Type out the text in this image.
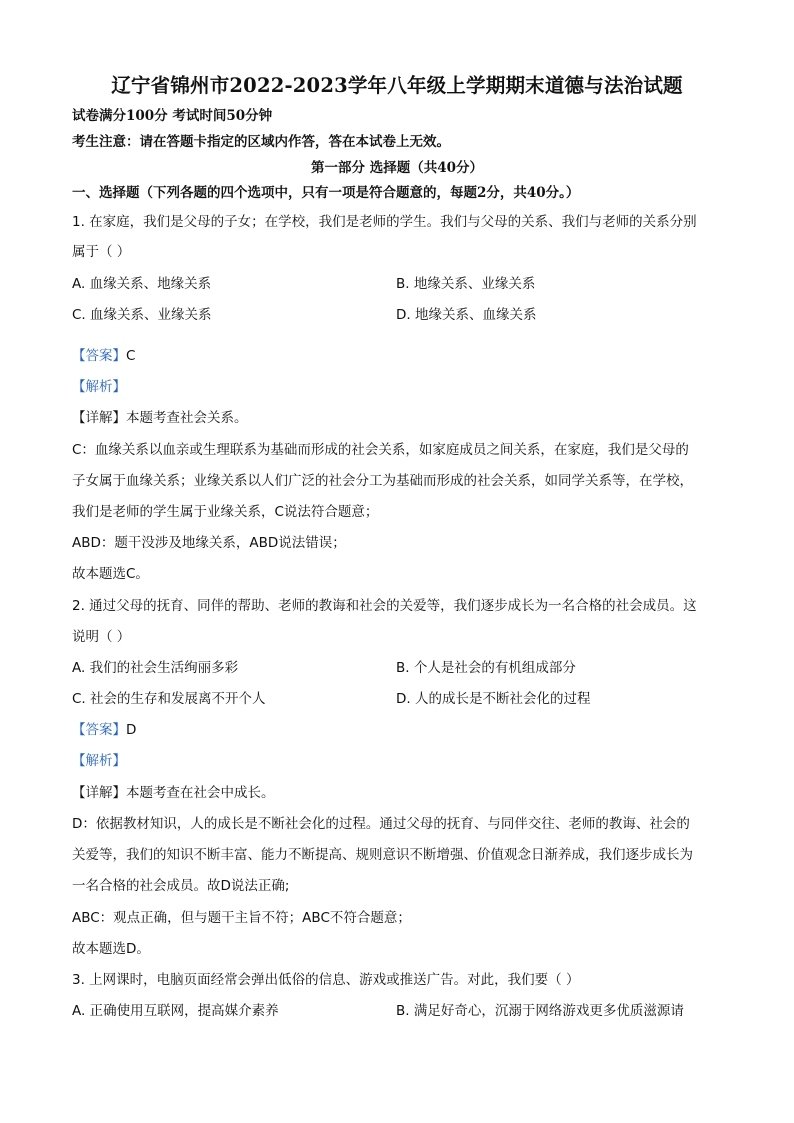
辽宁省锦州市2022-2023学年八年级上学期期末道德与法治试题
试卷满分100分 考试时间50分钟
考生注意：请在答题卡指定的区域内作答，答在本试卷上无效。
第一部分 选择题（共40分）
一、选择题（下列各题的四个选项中，只有一项是符合题意的，每题2分，共40分。）
1. 在家庭，我们是父母的子女；在学校，我们是老师的学生。我们与父母的关系、我们与老师的关系分别
属于（ ）
A. 血缘关系、地缘关系	B. 地缘关系、业缘关系
C. 血缘关系、业缘关系	D. 地缘关系、血缘关系
【答案】C
【解析】
【详解】本题考查社会关系。
C：血缘关系以血亲或生理联系为基础而形成的社会关系，如家庭成员之间关系，在家庭，我们是父母的
子女属于血缘关系；业缘关系以人们广泛的社会分工为基础而形成的社会关系，如同学关系等，在学校，
我们是老师的学生属于业缘关系，C说法符合题意；
ABD：题干没涉及地缘关系，ABD说法错误；
故本题选C。
2. 通过父母的抚育、同伴的帮助、老师的教诲和社会的关爱等，我们逐步成长为一名合格的社会成员。这
说明（ ）
A. 我们的社会生活绚丽多彩	B. 个人是社会的有机组成部分
C. 社会的生存和发展离不开个人	D. 人的成长是不断社会化的过程
【答案】D
【解析】
【详解】本题考查在社会中成长。
D：依据教材知识，人的成长是不断社会化的过程。通过父母的抚育、与同伴交往、老师的教诲、社会的
关爱等，我们的知识不断丰富、能力不断提高、规则意识不断增强、价值观念日渐养成，我们逐步成长为
一名合格的社会成员。故D说法正确;
ABC：观点正确，但与题干主旨不符；ABC不符合题意；
故本题选D。
3. 上网课时，电脑页面经常会弹出低俗的信息、游戏或推送广告。对此，我们要（ ）
A. 正确使用互联网，提高媒介素养	B. 满足好奇心，沉溺于网络游戏更多优质滋源请
